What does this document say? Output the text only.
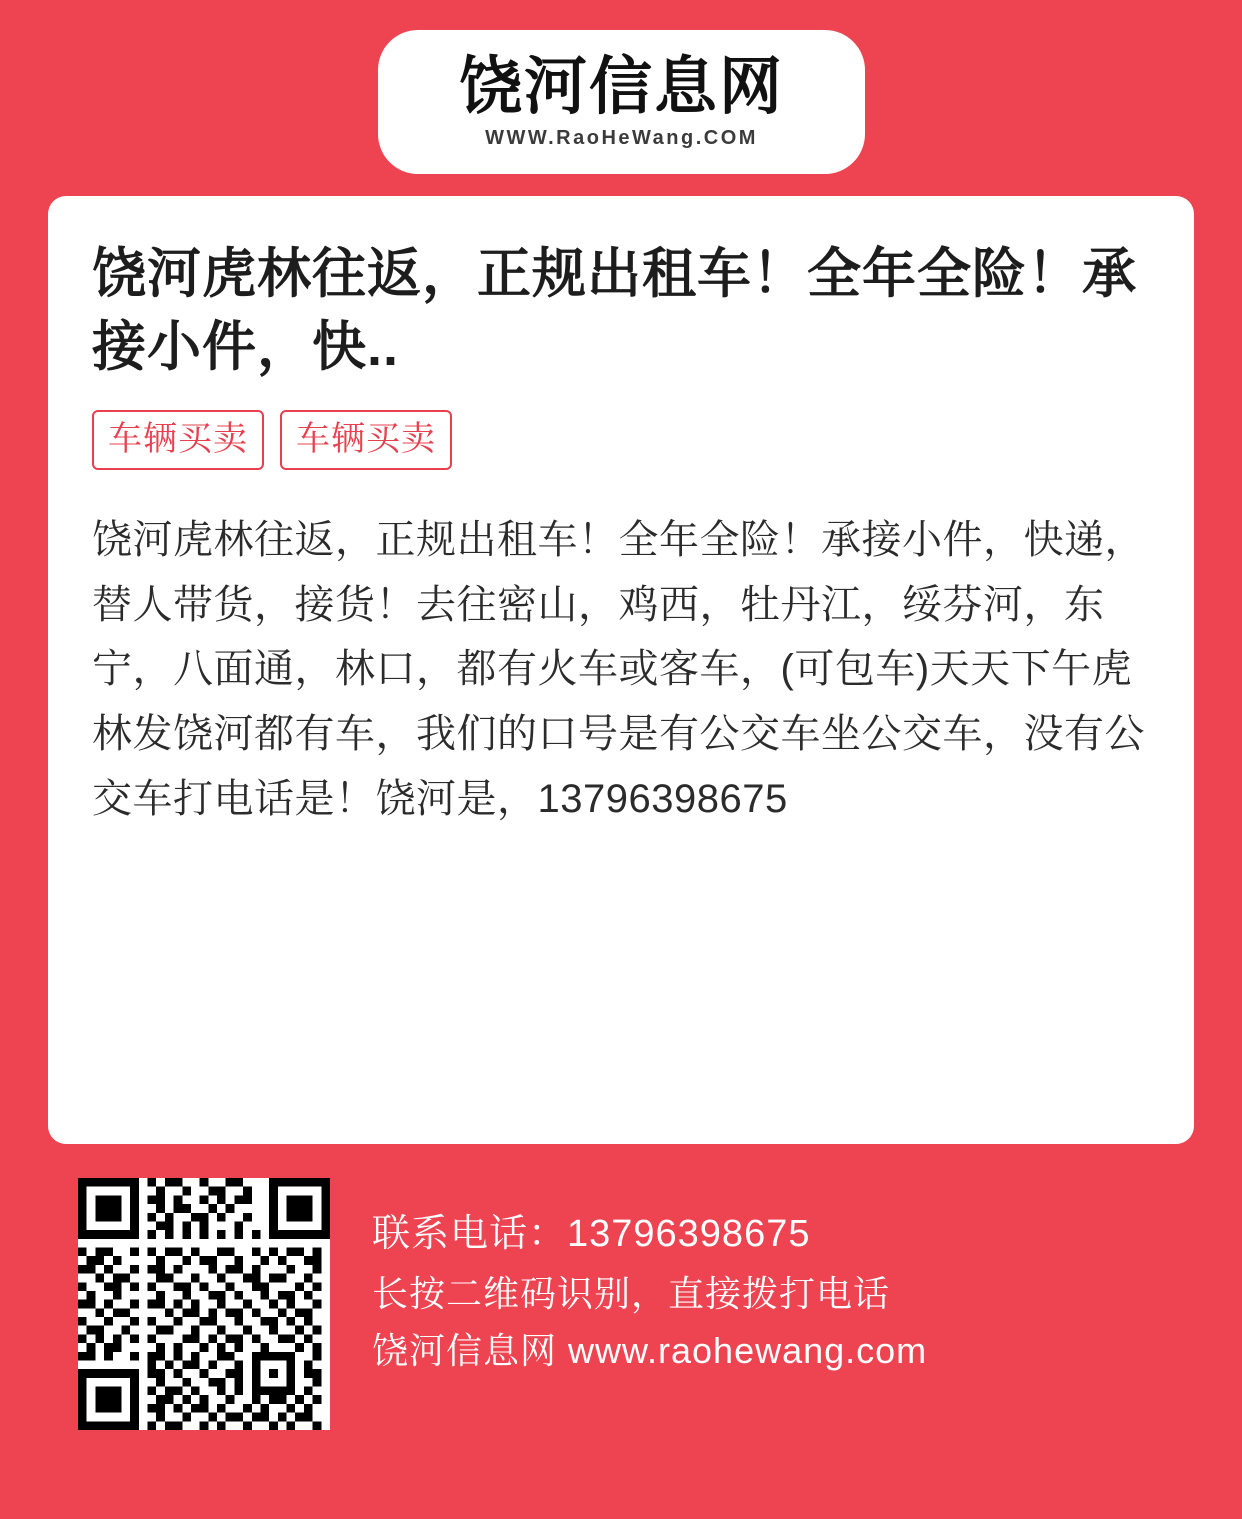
饶河信息网
WWW.RaoHeWang.COM
饶河虎林往返，正规出租车！全年全险！承接小件，快..
车辆买卖	车辆买卖
饶河虎林往返，正规出租车！全年全险！承接小件，快递，替人带货，接货！去往密山，鸡西，牡丹江，绥芬河，东宁，八面通，林口，都有火车或客车，(可包车)天天下午虎林发饶河都有车，我们的口号是有公交车坐公交车，没有公交车打电话是！饶河是，13796398675
联系电话：13796398675
长按二维码识别，直接拨打电话
饶河信息网 www.raohewang.com
